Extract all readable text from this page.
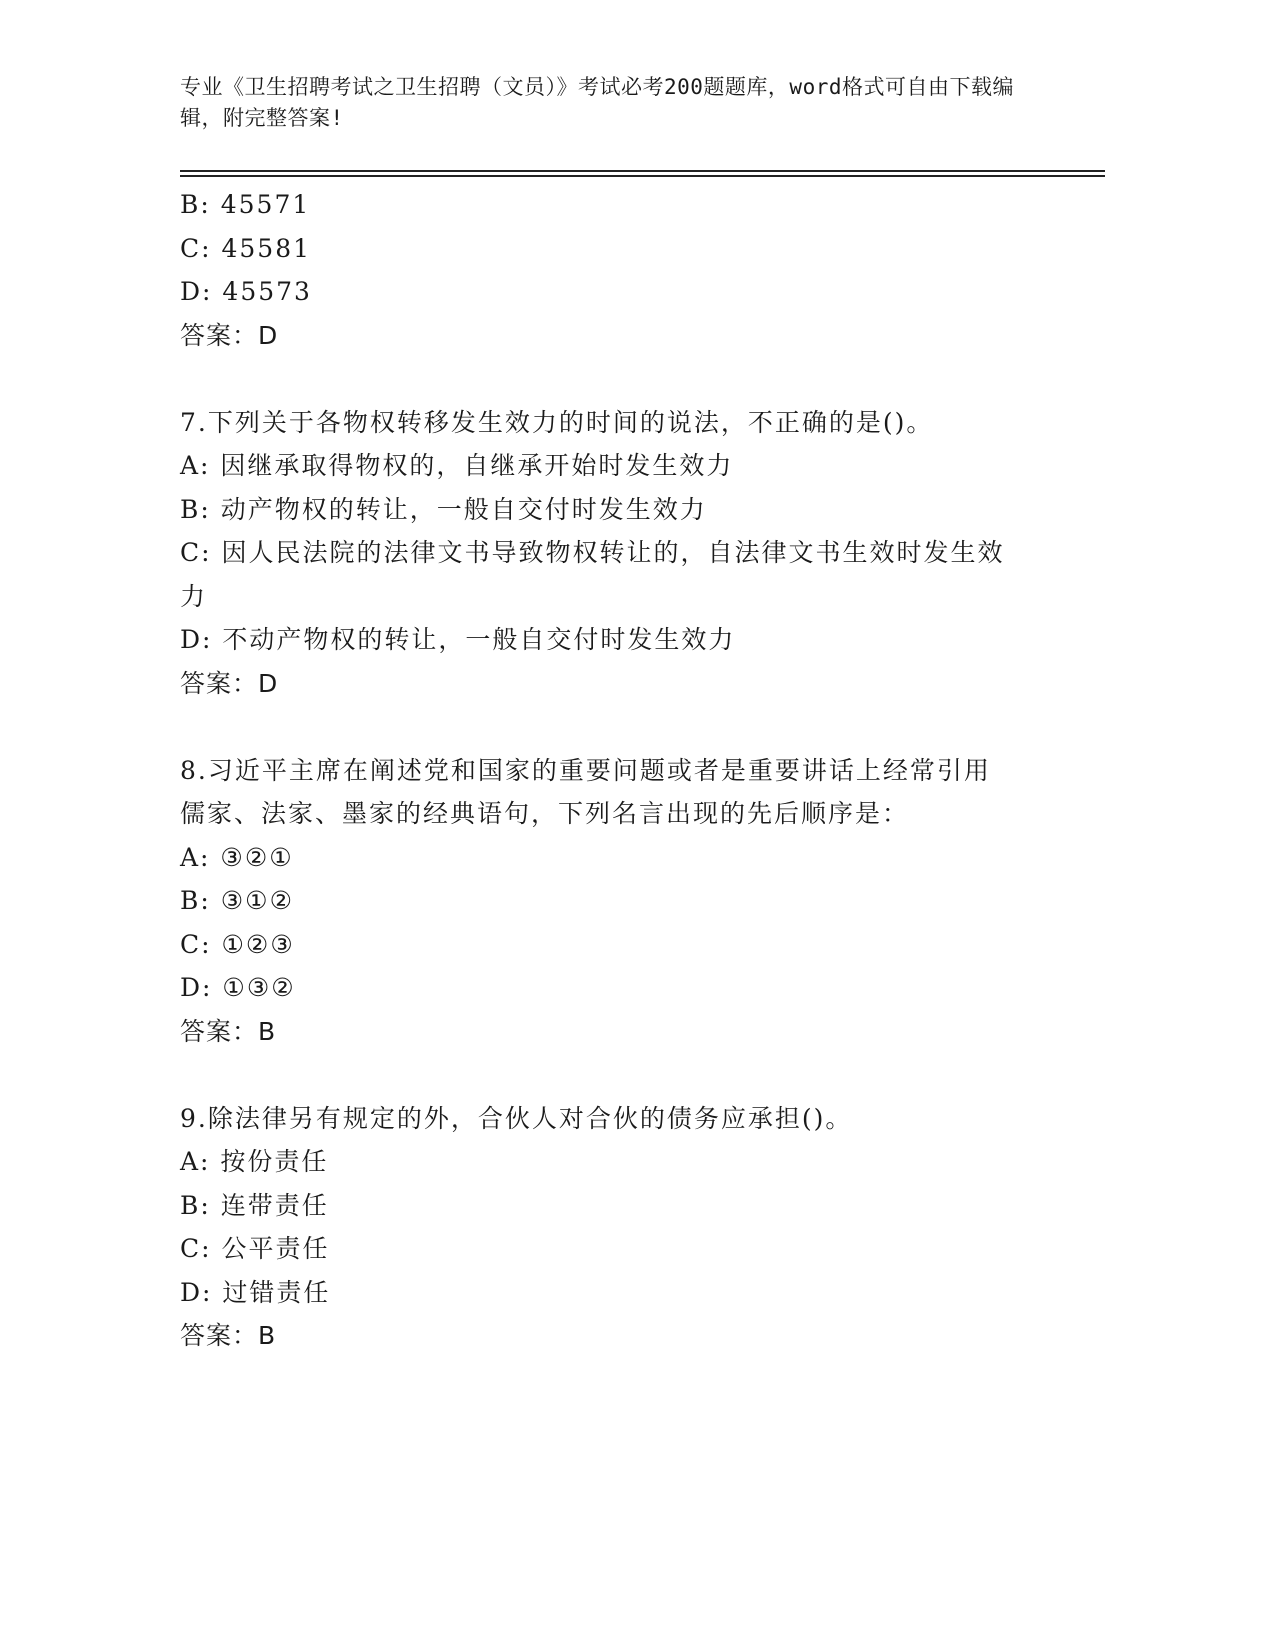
专业《卫生招聘考试之卫生招聘（文员）》考试必考200题题库，word格式可自由下载编辑，附完整答案!
B: 45571
C: 45581
D: 45573
答案：D
7.下列关于各物权转移发生效力的时间的说法，不正确的是()。
A: 因继承取得物权的，自继承开始时发生效力
B: 动产物权的转让，一般自交付时发生效力
C: 因人民法院的法律文书导致物权转让的，自法律文书生效时发生效
力
D: 不动产物权的转让，一般自交付时发生效力
答案：D
8.习近平主席在阐述党和国家的重要问题或者是重要讲话上经常引用
儒家、法家、墨家的经典语句，下列名言出现的先后顺序是：
A: ③②①
B: ③①②
C: ①②③
D: ①③②
答案：B
9.除法律另有规定的外，合伙人对合伙的债务应承担()。
A: 按份责任
B: 连带责任
C: 公平责任
D: 过错责任
答案：B
